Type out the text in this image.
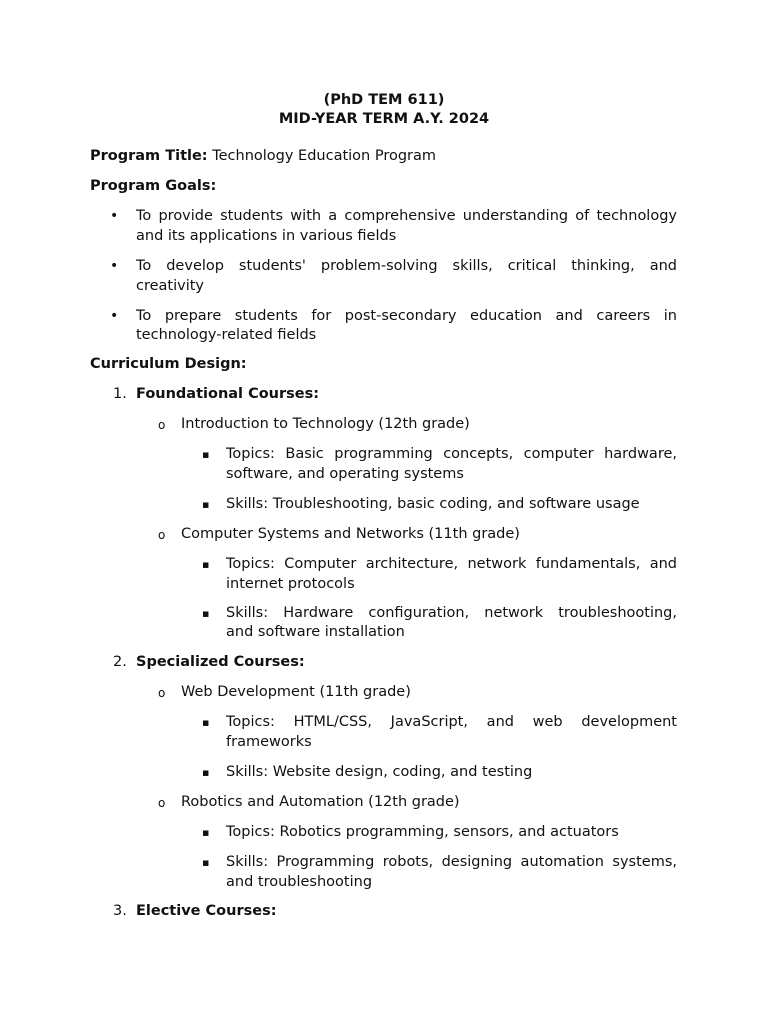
(PhD TEM 611)
MID-YEAR TERM A.Y. 2024
Program Title: Technology Education Program
Program Goals:
• To provide students with a comprehensive understanding of technology
and its applications in various fields
• To develop students' problem-solving skills, critical thinking, and
creativity
• To prepare students for post-secondary education and careers in
technology-related fields
Curriculum Design:
1. Foundational Courses:
o Introduction to Technology (12th grade)
▪ Topics: Basic programming concepts, computer hardware,
software, and operating systems
▪ Skills: Troubleshooting, basic coding, and software usage
o Computer Systems and Networks (11th grade)
▪ Topics: Computer architecture, network fundamentals, and
internet protocols
▪ Skills: Hardware configuration, network troubleshooting,
and software installation
2. Specialized Courses:
o Web Development (11th grade)
▪ Topics: HTML/CSS, JavaScript, and web development
frameworks
▪ Skills: Website design, coding, and testing
o Robotics and Automation (12th grade)
▪ Topics: Robotics programming, sensors, and actuators
▪ Skills: Programming robots, designing automation systems,
and troubleshooting
3. Elective Courses:
